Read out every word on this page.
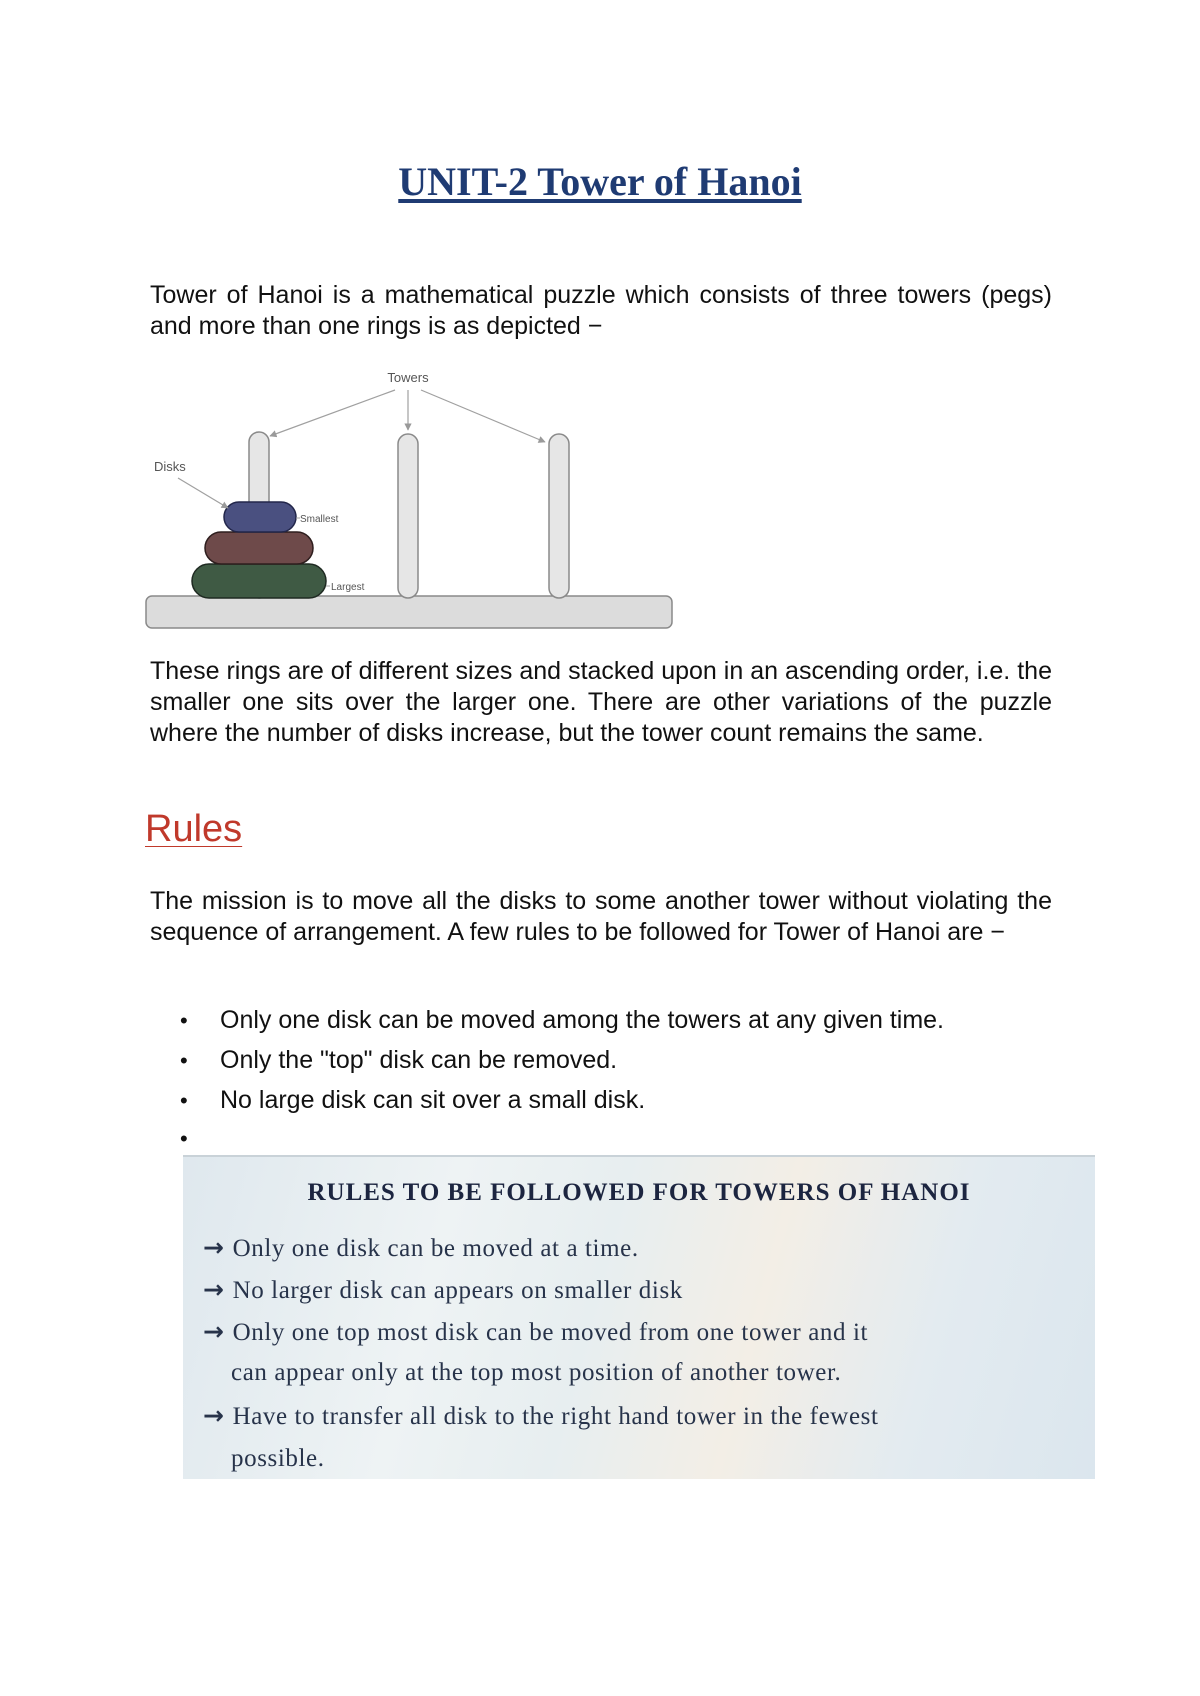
UNIT-2 Tower of Hanoi
Tower of Hanoi is a mathematical puzzle which consists of three towers (pegs) and more than one rings is as depicted −
Towers
Disks
Smallest
Largest
These rings are of different sizes and stacked upon in an ascending order, i.e. the smaller one sits over the larger one. There are other variations of the puzzle where the number of disks increase, but the tower count remains the same.
Rules
The mission is to move all the disks to some another tower without violating the sequence of arrangement. A few rules to be followed for Tower of Hanoi are −
•	Only one disk can be moved among the towers at any given time.
•	Only the "top" disk can be removed.
•	No large disk can sit over a small disk.
•
RULES TO BE FOLLOWED FOR TOWERS OF HANOI
→ Only one disk can be moved at a time.
→ No larger disk can appears on smaller disk
→ Only one top most disk can be moved from one tower and it
can appear only at the top most position of another tower.
→ Have to transfer all disk to the right hand tower in the fewest
possible.
